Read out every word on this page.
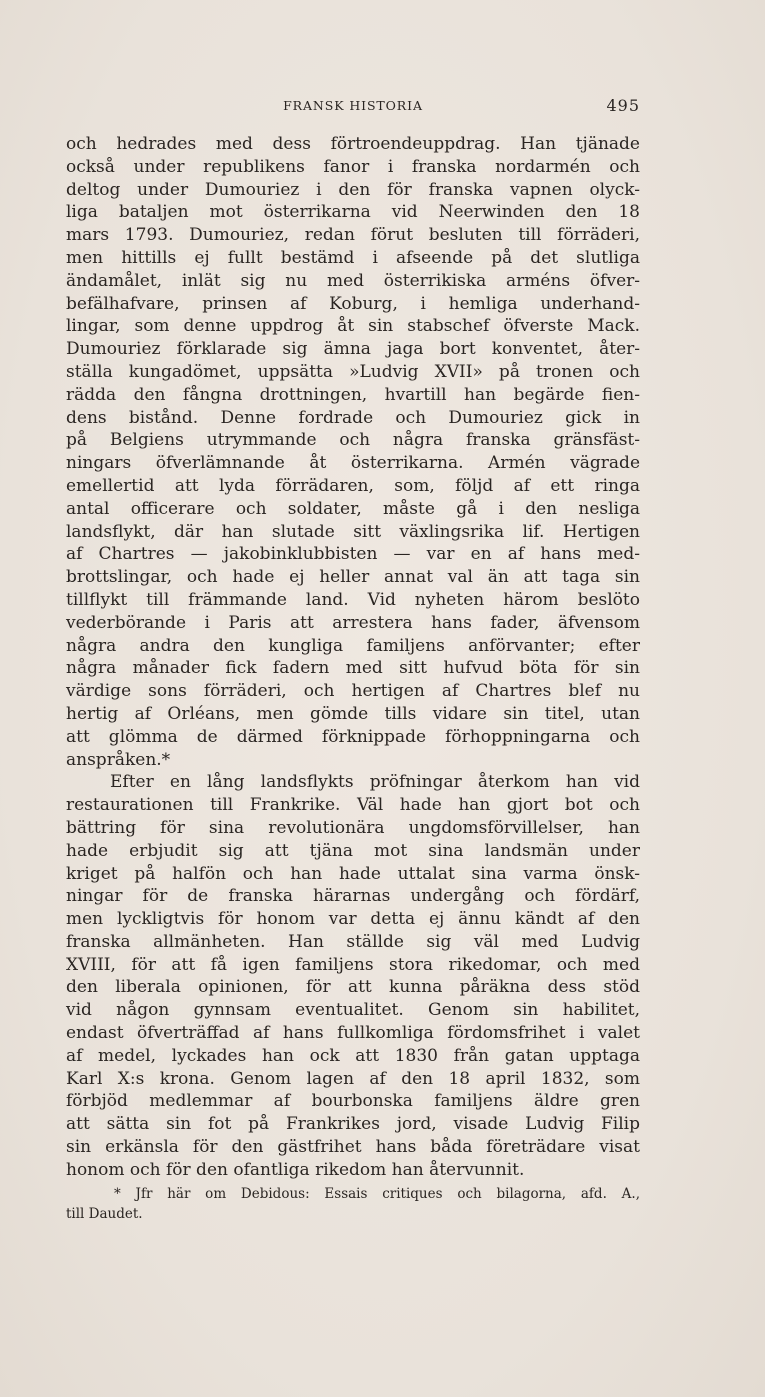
FRANSK HISTORIA	495
och hedrades med dess förtroendeuppdrag. Han tjänade
också under republikens fanor i franska nordarmén och
deltog under Dumouriez i den för franska vapnen olyck-
liga bataljen mot österrikarna vid Neerwinden den 18
mars 1793. Dumouriez, redan förut besluten till förräderi,
men hittills ej fullt bestämd i afseende på det slutliga
ändamålet, inlät sig nu med österrikiska arméns öfver-
befälhafvare, prinsen af Koburg, i hemliga underhand-
lingar, som denne uppdrog åt sin stabschef öfverste Mack.
Dumouriez förklarade sig ämna jaga bort konventet, åter-
ställa kungadömet, uppsätta »Ludvig XVII» på tronen och
rädda den fångna drottningen, hvartill han begärde fien-
dens bistånd. Denne fordrade och Dumouriez gick in
på Belgiens utrymmande och några franska gränsfäst-
ningars öfverlämnande åt österrikarna. Armén vägrade
emellertid att lyda förrädaren, som, följd af ett ringa
antal officerare och soldater, måste gå i den nesliga
landsflykt, där han slutade sitt växlingsrika lif. Hertigen
af Chartres — jakobinklubbisten — var en af hans med-
brottslingar, och hade ej heller annat val än att taga sin
tillflykt till främmande land. Vid nyheten härom beslöto
vederbörande i Paris att arrestera hans fader, äfvensom
några andra den kungliga familjens anförvanter; efter
några månader fick fadern med sitt hufvud böta för sin
värdige sons förräderi, och hertigen af Chartres blef nu
hertig af Orléans, men gömde tills vidare sin titel, utan
att glömma de därmed förknippade förhoppningarna och
anspråken.*
Efter en lång landsflykts pröfningar återkom han vid
restaurationen till Frankrike. Väl hade han gjort bot och
bättring för sina revolutionära ungdomsförvillelser, han
hade erbjudit sig att tjäna mot sina landsmän under
kriget på halfön och han hade uttalat sina varma önsk-
ningar för de franska härarnas undergång och fördärf,
men lyckligtvis för honom var detta ej ännu kändt af den
franska allmänheten. Han ställde sig väl med Ludvig
XVIII, för att få igen familjens stora rikedomar, och med
den liberala opinionen, för att kunna påräkna dess stöd
vid någon gynnsam eventualitet. Genom sin habilitet,
endast öfverträffad af hans fullkomliga fördomsfrihet i valet
af medel, lyckades han ock att 1830 från gatan upptaga
Karl X:s krona. Genom lagen af den 18 april 1832, som
förbjöd medlemmar af bourbonska familjens äldre gren
att sätta sin fot på Frankrikes jord, visade Ludvig Filip
sin erkänsla för den gästfrihet hans båda företrädare visat
honom och för den ofantliga rikedom han återvunnit.
* Jfr här om Debidous: Essais critiques och bilagorna, afd. A.,
till Daudet.
